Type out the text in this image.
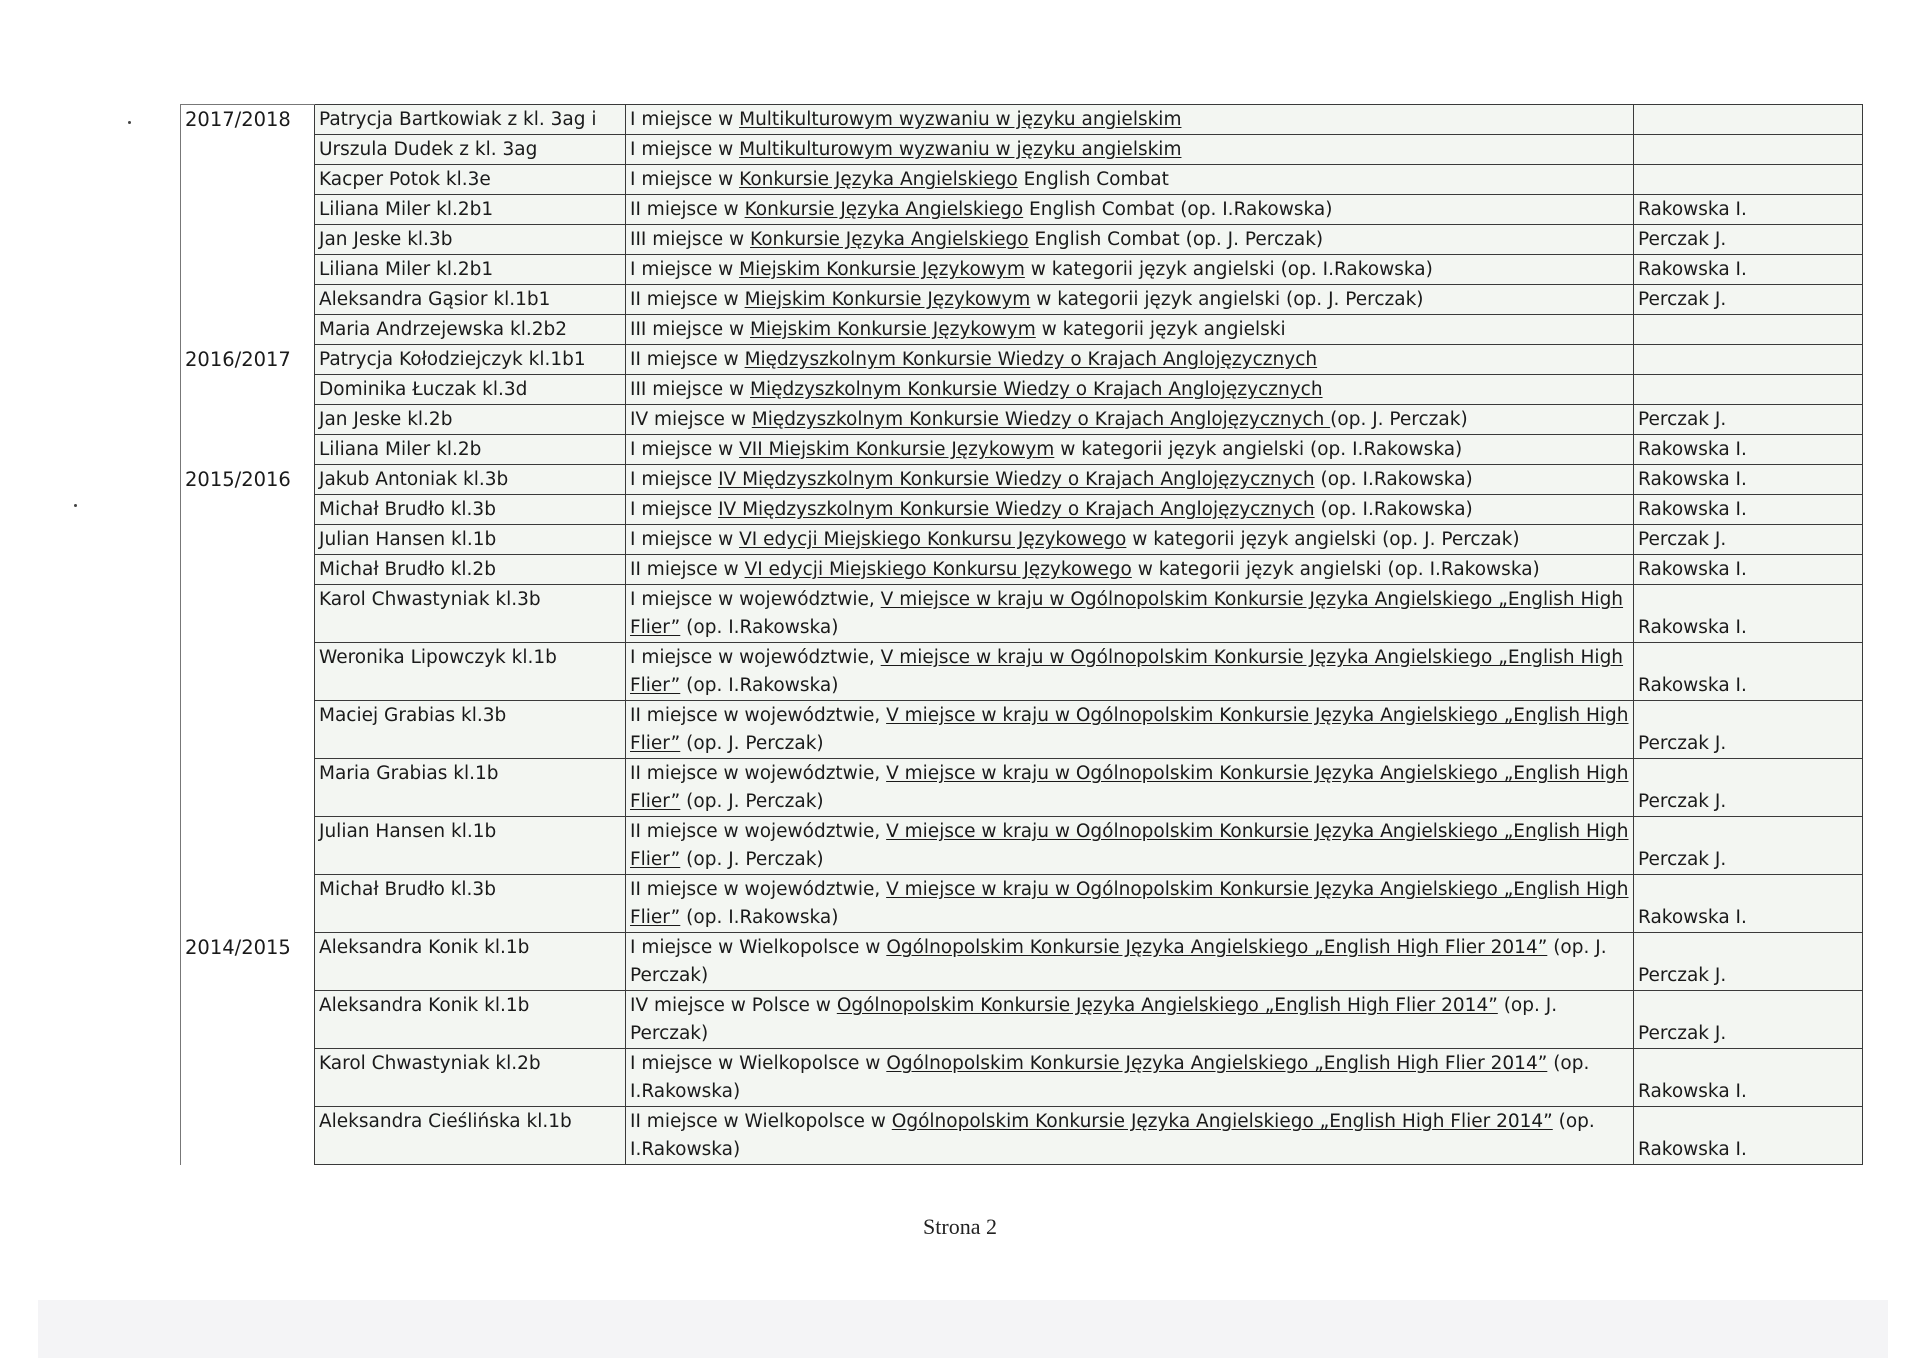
2017/2018	Patrycja Bartkowiak z kl. 3ag i	I miejsce w Multikulturowym wyzwaniu w języku angielskim	
	Urszula Dudek z kl. 3ag	I miejsce w Multikulturowym wyzwaniu w języku angielskim	
	Kacper Potok kl.3e	I miejsce w Konkursie Języka Angielskiego English Combat	
	Liliana Miler kl.2b1	II miejsce w Konkursie Języka Angielskiego English Combat (op. I.Rakowska)	Rakowska I.
	Jan Jeske kl.3b	III miejsce w Konkursie Języka Angielskiego English Combat (op. J. Perczak)	Perczak J.
	Liliana Miler kl.2b1	I miejsce w Miejskim Konkursie Językowym w kategorii język angielski (op. I.Rakowska)	Rakowska I.
	Aleksandra Gąsior kl.1b1	II miejsce w Miejskim Konkursie Językowym w kategorii język angielski (op. J. Perczak)	Perczak J.
	Maria Andrzejewska kl.2b2	III miejsce w Miejskim Konkursie Językowym w kategorii język angielski	
2016/2017	Patrycja Kołodziejczyk kl.1b1	II miejsce w Międzyszkolnym Konkursie Wiedzy o Krajach Anglojęzycznych	
	Dominika Łuczak kl.3d	III miejsce w Międzyszkolnym Konkursie Wiedzy o Krajach Anglojęzycznych	
	Jan Jeske kl.2b	IV miejsce w Międzyszkolnym Konkursie Wiedzy o Krajach Anglojęzycznych (op. J. Perczak)	Perczak J.
	Liliana Miler kl.2b	I miejsce w VII Miejskim Konkursie Językowym w kategorii język angielski (op. I.Rakowska)	Rakowska I.
2015/2016	Jakub Antoniak kl.3b	I miejsce IV Międzyszkolnym Konkursie Wiedzy o Krajach Anglojęzycznych (op. I.Rakowska)	Rakowska I.
	Michał Brudło kl.3b	I miejsce IV Międzyszkolnym Konkursie Wiedzy o Krajach Anglojęzycznych (op. I.Rakowska)	Rakowska I.
	Julian Hansen kl.1b	I miejsce w VI edycji Miejskiego Konkursu Językowego w kategorii język angielski (op. J. Perczak)	Perczak J.
	Michał Brudło kl.2b	II miejsce w VI edycji Miejskiego Konkursu Językowego w kategorii język angielski (op. I.Rakowska)	Rakowska I.
	Karol Chwastyniak kl.3b	I miejsce w województwie, V miejsce w kraju w Ogólnopolskim Konkursie Języka Angielskiego „English High Flier” (op. I.Rakowska)	Rakowska I.
	Weronika Lipowczyk kl.1b	I miejsce w województwie, V miejsce w kraju w Ogólnopolskim Konkursie Języka Angielskiego „English High Flier” (op. I.Rakowska)	Rakowska I.
	Maciej Grabias kl.3b	II miejsce w województwie, V miejsce w kraju w Ogólnopolskim Konkursie Języka Angielskiego „English High Flier” (op. J. Perczak)	Perczak J.
	Maria Grabias kl.1b	II miejsce w województwie, V miejsce w kraju w Ogólnopolskim Konkursie Języka Angielskiego „English High Flier” (op. J. Perczak)	Perczak J.
	Julian Hansen kl.1b	II miejsce w województwie, V miejsce w kraju w Ogólnopolskim Konkursie Języka Angielskiego „English High Flier” (op. J. Perczak)	Perczak J.
	Michał Brudło kl.3b	II miejsce w województwie, V miejsce w kraju w Ogólnopolskim Konkursie Języka Angielskiego „English High Flier” (op. I.Rakowska)	Rakowska I.
2014/2015	Aleksandra Konik kl.1b	I miejsce w Wielkopolsce w Ogólnopolskim Konkursie Języka Angielskiego „English High Flier 2014” (op. J. Perczak)	Perczak J.
	Aleksandra Konik kl.1b	IV miejsce w Polsce w Ogólnopolskim Konkursie Języka Angielskiego „English High Flier 2014” (op. J. Perczak)	Perczak J.
	Karol Chwastyniak kl.2b	I miejsce w Wielkopolsce w Ogólnopolskim Konkursie Języka Angielskiego „English High Flier 2014” (op. I.Rakowska)	Rakowska I.
	Aleksandra Cieślińska kl.1b	II miejsce w Wielkopolsce w Ogólnopolskim Konkursie Języka Angielskiego „English High Flier 2014” (op. I.Rakowska)	Rakowska I.
Strona 2
